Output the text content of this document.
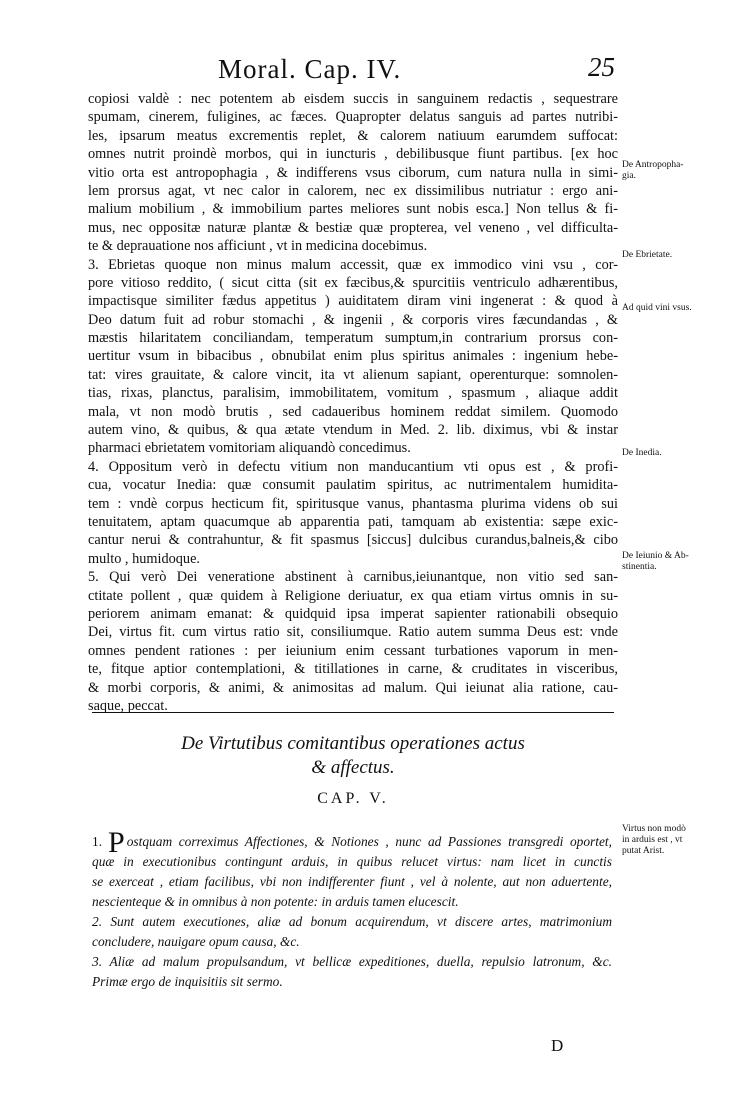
Moral. Cap. IV.	25
copiosi valdè : nec potentem ab eisdem succis in sanguinem redactis , sequestrare
spumam, cinerem, fuligines, ac fæces. Quapropter delatus sanguis ad partes nutribi-
les, ipsarum meatus excrementis replet, & calorem natiuum earumdem suffocat:
omnes nutrit proindè morbos, qui in iuncturis , debilibusque fiunt partibus. [ex hoc
vitio orta est antropophagia , & indifferens vsus ciborum, cum natura nulla in simi-
lem prorsus agat, vt nec calor in calorem, nec ex dissimilibus nutriatur : ergo ani-
malium mobilium , & immobilium partes meliores sunt nobis esca.] Non tellus & fi-
mus, nec oppositæ naturæ plantæ & bestiæ quæ propterea, vel veneno , vel difficulta-
te & deprauatione nos afficiunt , vt in medicina docebimus.
3. Ebrietas quoque non minus malum accessit, quæ ex immodico vini vsu , cor-
pore vitioso reddito, ( sicut citta (sit ex fæcibus,& spurcitiis ventriculo adhærentibus,
impactisque similiter fædus appetitus ) auiditatem diram vini ingenerat : & quod à
Deo datum fuit ad robur stomachi , & ingenii , & corporis vires fæcundandas , &
mæstis hilaritatem conciliandam, temperatum sumptum,in contrarium prorsus con-
uertitur vsum in bibacibus , obnubilat enim plus spiritus animales : ingenium hebe-
tat: vires grauitate, & calore vincit, ita vt alienum sapiant, operenturque: somnolen-
tias, rixas, planctus, paralisim, immobilitatem, vomitum , spasmum , aliaque addit
mala, vt non modò brutis , sed cadaueribus hominem reddat similem. Quomodo
autem vino, & quibus, & qua ætate vtendum in Med. 2. lib. diximus, vbi & instar
pharmaci ebrietatem vomitoriam aliquandò concedimus.
4. Oppositum verò in defectu vitium non manducantium vti opus est , & profi-
cua, vocatur Inedia: quæ consumit paulatim spiritus, ac nutrimentalem humidita-
tem : vndè corpus hecticum fit, spiritusque vanus, phantasma plurima videns ob sui
tenuitatem, aptam quacumque ab apparentia pati, tamquam ab existentia: sæpe exic-
cantur nerui & contrahuntur, & fit spasmus [siccus] dulcibus curandus,balneis,& cibo
multo , humidoque.
5. Qui verò Dei veneratione abstinent à carnibus,ieiunantque, non vitio sed san-
ctitate pollent , quæ quidem à Religione deriuatur, ex qua etiam virtus omnis in su-
periorem animam emanat: & quidquid ipsa imperat sapienter rationabili obsequio
Dei, virtus fit. cum virtus ratio sit, consiliumque. Ratio autem summa Deus est: vnde
omnes pendent rationes : per ieiunium enim cessant turbationes vaporum in men-
te, fitque aptior contemplationi, & titillationes in carne, & cruditates in visceribus,
& morbi corporis, & animi, & animositas ad malum. Qui ieiunat alia ratione, cau-
saque, peccat.
De Antropopha-
gia.
De Ebrietate.
Ad quid vini vsus.
De Inedia.
De Ieiunio & Ab-
stinentia.
Virtus non modò
in arduis est , vt
putat Arist.
De Virtutibus comitantibus operationes actus
& affectus.
CAP. V.
1. P ostquam correximus Affectiones, & Notiones , nunc ad Passiones transgredi oportet,
quæ in executionibus contingunt arduis, in quibus relucet virtus: nam licet in cunctis
se exerceat , etiam facilibus, vbi non indifferenter fiunt , vel à nolente, aut non aduertente,
nescienteque & in omnibus à non potente: in arduis tamen elucescit.
2. Sunt autem executiones, aliæ ad bonum acquirendum, vt discere artes, matrimonium
concludere, nauigare opum causa, &c.
3. Aliæ ad malum propulsandum, vt bellicæ expeditiones, duella, repulsio latronum, &c.
Primæ ergo de inquisitiis sit sermo.
D
